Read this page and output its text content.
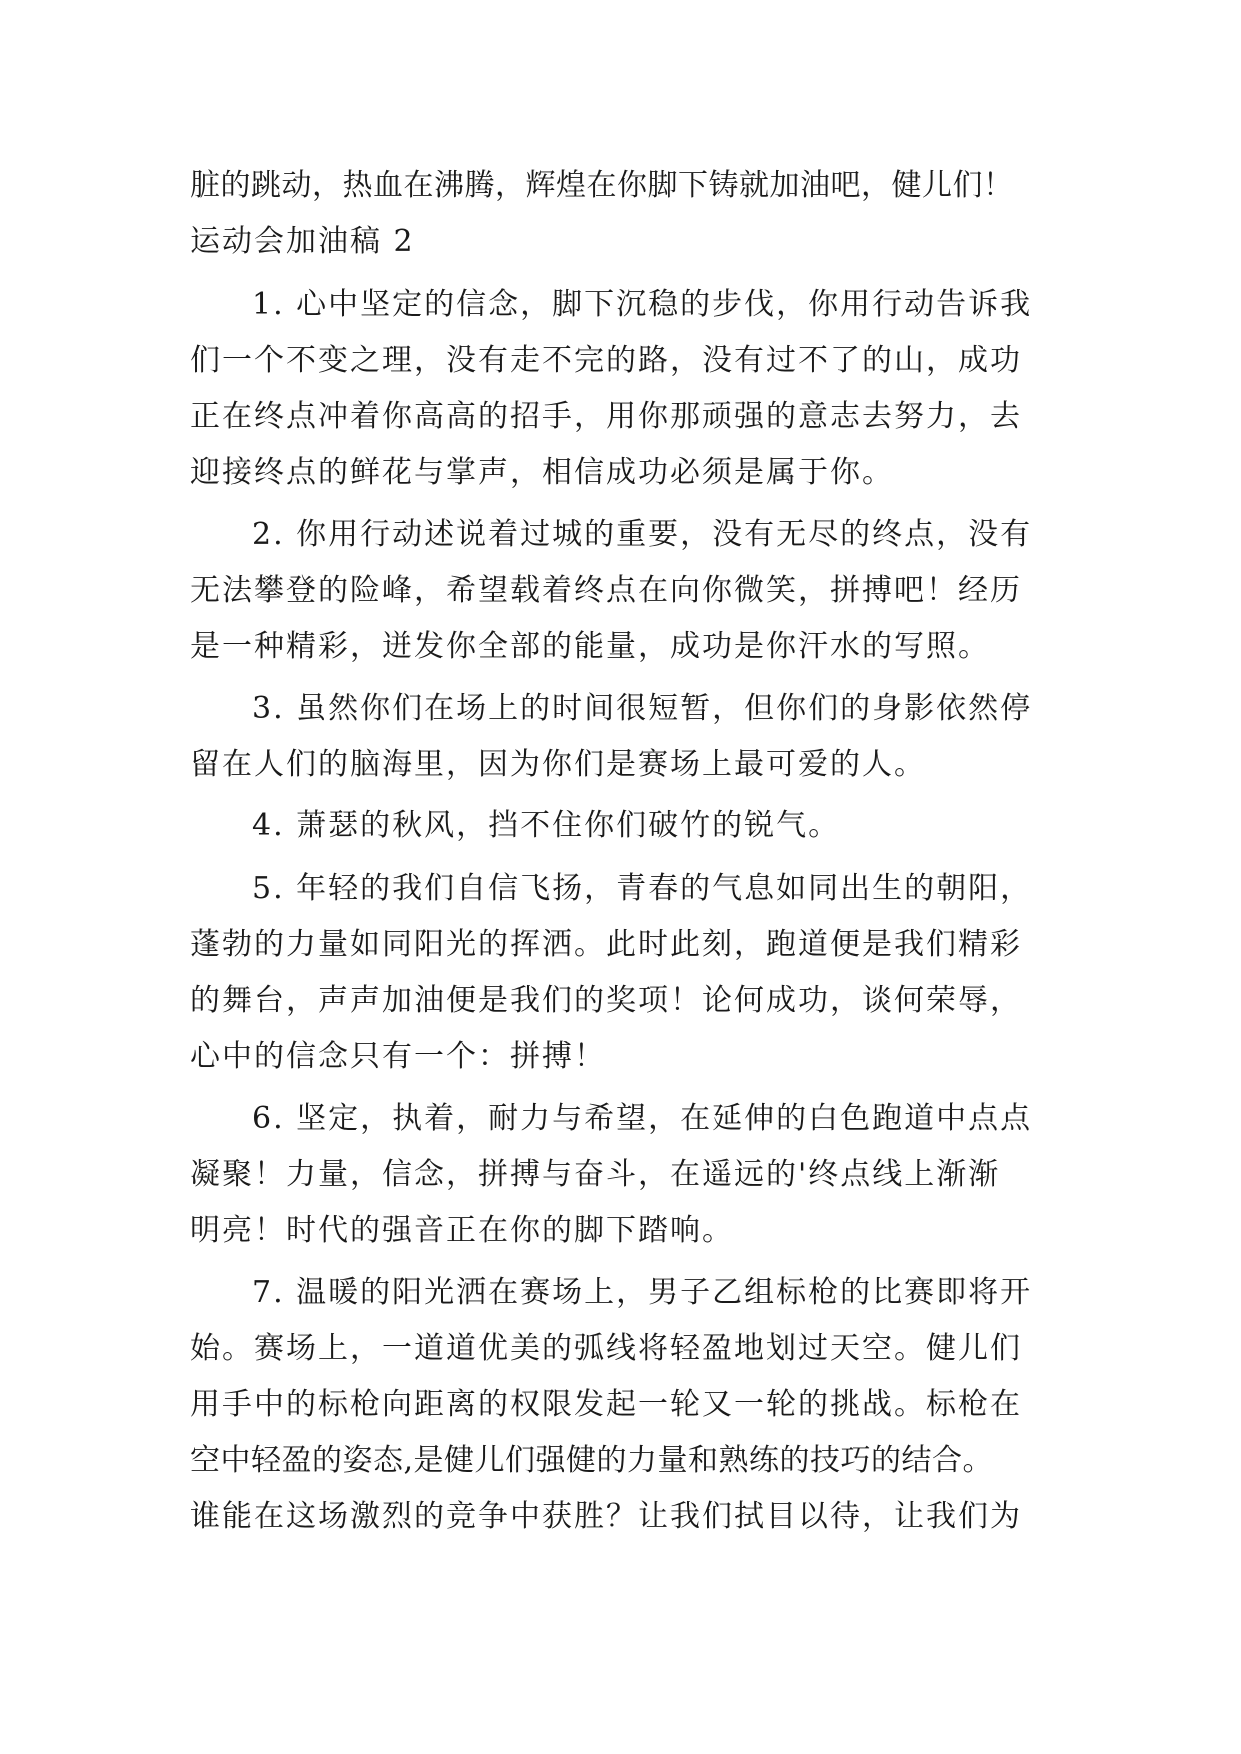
脏的跳动，热血在沸腾，辉煌在你脚下铸就加油吧，健儿们！
运动会加油稿 2
1. 心中坚定的信念，脚下沉稳的步伐，你用行动告诉我
们一个不变之理，没有走不完的路，没有过不了的山，成功
正在终点冲着你高高的招手，用你那顽强的意志去努力，去
迎接终点的鲜花与掌声，相信成功必须是属于你。
2. 你用行动述说着过城的重要，没有无尽的终点，没有
无法攀登的险峰，希望载着终点在向你微笑，拼搏吧！经历
是一种精彩，迸发你全部的能量，成功是你汗水的写照。
3. 虽然你们在场上的时间很短暂，但你们的身影依然停
留在人们的脑海里，因为你们是赛场上最可爱的人。
4. 萧瑟的秋风，挡不住你们破竹的锐气。
5. 年轻的我们自信飞扬，青春的气息如同出生的朝阳，
蓬勃的力量如同阳光的挥洒。此时此刻，跑道便是我们精彩
的舞台，声声加油便是我们的奖项！论何成功，谈何荣辱，
心中的信念只有一个：拼搏！
6. 坚定，执着，耐力与希望，在延伸的白色跑道中点点
凝聚！力量，信念，拼搏与奋斗，在遥远的'终点线上渐渐
明亮！时代的强音正在你的脚下踏响。
7. 温暖的阳光洒在赛场上，男子乙组标枪的比赛即将开
始。赛场上，一道道优美的弧线将轻盈地划过天空。健儿们
用手中的标枪向距离的权限发起一轮又一轮的挑战。标枪在
空中轻盈的姿态,是健儿们强健的力量和熟练的技巧的结合。
谁能在这场激烈的竞争中获胜？让我们拭目以待，让我们为
